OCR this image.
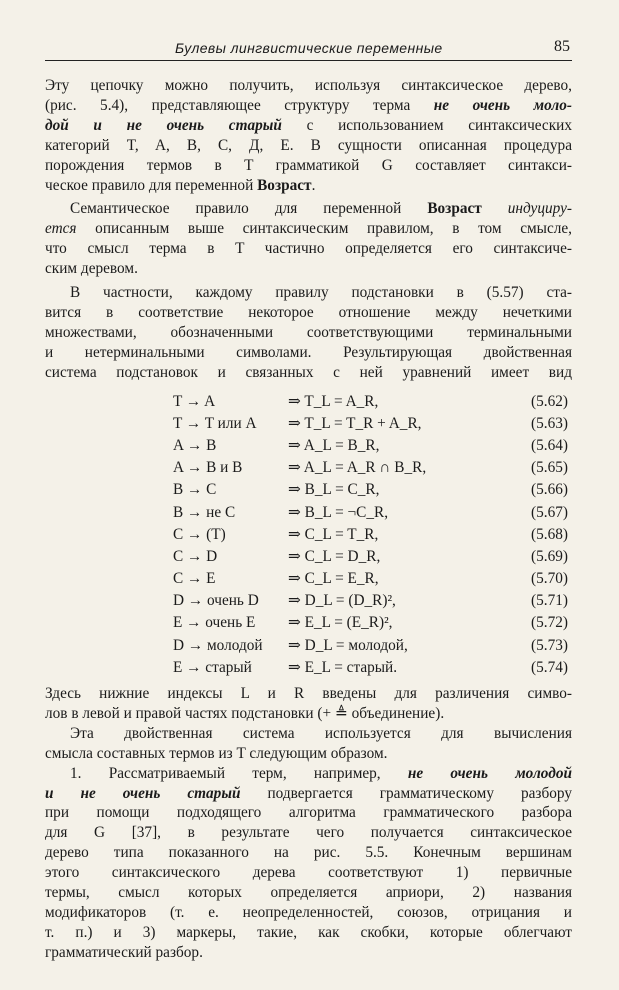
Булевы лингвистические переменные	85
Эту цепочку можно получить, используя синтаксическое дерево,
(рис. 5.4), представляющее структуру терма не очень моло-
дой и не очень старый с использованием синтаксических
категорий T, A, B, C, Д, E. В сущности описанная процедура
порождения термов в T грамматикой G составляет синтакси-
ческое правило для переменной Возраст.
Семантическое правило для переменной Возраст индуциру-
ется описанным выше синтаксическим правилом, в том смысле,
что смысл терма в T частично определяется его синтаксиче-
ским деревом.
В частности, каждому правилу подстановки в (5.57) ста-
вится в соответствие некоторое отношение между нечеткими
множествами, обозначенными соответствующими терминальными
и нетерминальными символами. Результирующая двойственная
система подстановок и связанных с ней уравнений имеет вид
T → A	⇒ T_L = A_R,	(5.62)
T → T или A ⇒ T_L = T_R + A_R,	(5.63)
A → B	⇒ A_L = B_R,	(5.64)
A → B и B	⇒ A_L = A_R ∩ B_R,	(5.65)
B → C	⇒ B_L = C_R,	(5.66)
B → не C	⇒ B_L = ¬C_R,	(5.67)
C → (T)	⇒ C_L = T_R,	(5.68)
C → D	⇒ C_L = D_R,	(5.69)
C → E	⇒ C_L = E_R,	(5.70)
D → очень D ⇒ D_L = (D_R)²,	(5.71)
E → очень E ⇒ E_L = (E_R)²,	(5.72)
D → молодой ⇒ D_L = молодой,	(5.73)
E → старый ⇒ E_L = старый.	(5.74)
Здесь нижние индексы L и R введены для различения симво-
лов в левой и правой частях подстановки (+ ≜ объединение).
Эта двойственная система используется для вычисления
смысла составных термов из T следующим образом.
1. Рассматриваемый терм, например, не очень молодой
и не очень старый подвергается грамматическому разбору
при помощи подходящего алгоритма грамматического разбора
для G [37], в результате чего получается синтаксическое
дерево типа показанного на рис. 5.5. Конечным вершинам
этого синтаксического дерева соответствуют 1) первичные
термы, смысл которых определяется априори, 2) названия
модификаторов (т. е. неопределенностей, союзов, отрицания и
т. п.) и 3) маркеры, такие, как скобки, которые облегчают
грамматический разбор.
